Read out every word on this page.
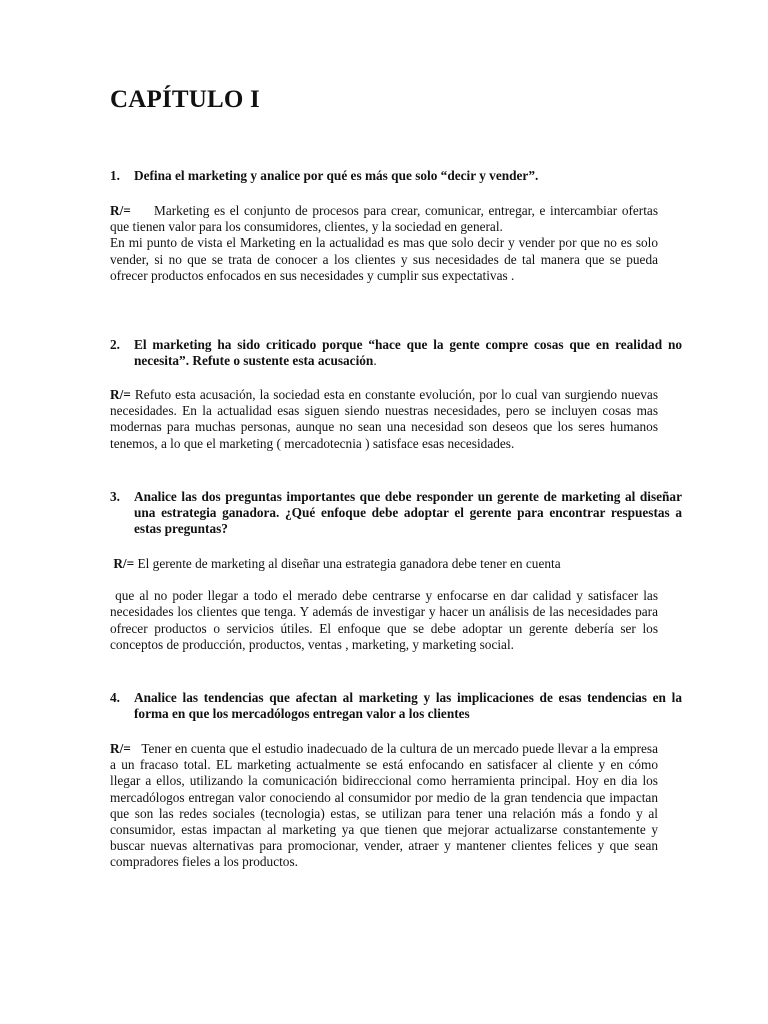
CAPÍTULO I
1. Defina el marketing y analice por qué es más que solo “decir y vender”.

R/= Marketing es el conjunto de procesos para crear, comunicar, entregar, e intercambiar ofertas que tienen valor para los consumidores, clientes, y la sociedad en general.

En mi punto de vista el Marketing en la actualidad es mas que solo decir y vender por que no es solo vender, si no que se trata de conocer a los clientes y sus necesidades de tal manera que se pueda ofrecer productos enfocados en sus necesidades y cumplir sus expectativas .

2. El marketing ha sido criticado porque “hace que la gente compre cosas que en realidad no necesita”. Refute o sustente esta acusación.

R/= Refuto esta acusación, la sociedad esta en constante evolución, por lo cual van surgiendo nuevas necesidades. En la actualidad esas siguen siendo nuestras necesidades, pero se incluyen cosas mas modernas para muchas personas, aunque no sean una necesidad son deseos que los seres humanos tenemos, a lo que el marketing ( mercadotecnia ) satisface esas necesidades.

3. Analice las dos preguntas importantes que debe responder un gerente de marketing al diseñar una estrategia ganadora. ¿Qué enfoque debe adoptar el gerente para encontrar respuestas a estas preguntas?

R/= El gerente de marketing al diseñar una estrategia ganadora debe tener en cuenta

que al no poder llegar a todo el merado debe centrarse y enfocarse en dar calidad y satisfacer las necesidades los clientes que tenga. Y además de investigar y hacer un análisis de las necesidades para ofrecer productos o servicios útiles. El enfoque que se debe adoptar un gerente debería ser los conceptos de producción, productos, ventas , marketing, y marketing social.

4. Analice las tendencias que afectan al marketing y las implicaciones de esas tendencias en la forma en que los mercadólogos entregan valor a los clientes

R/= Tener en cuenta que el estudio inadecuado de la cultura de un mercado puede llevar a la empresa a un fracaso total. EL marketing actualmente se está enfocando en satisfacer al cliente y en cómo llegar a ellos, utilizando la comunicación bidireccional como herramienta principal. Hoy en dia los mercadólogos entregan valor conociendo al consumidor por medio de la gran tendencia que impactan que son las redes sociales (tecnologia) estas, se utilizan para tener una relación más a fondo y al consumidor, estas impactan al marketing ya que tienen que mejorar actualizarse constantemente y buscar nuevas alternativas para promocionar, vender, atraer y mantener clientes felices y que sean compradores fieles a los productos.
